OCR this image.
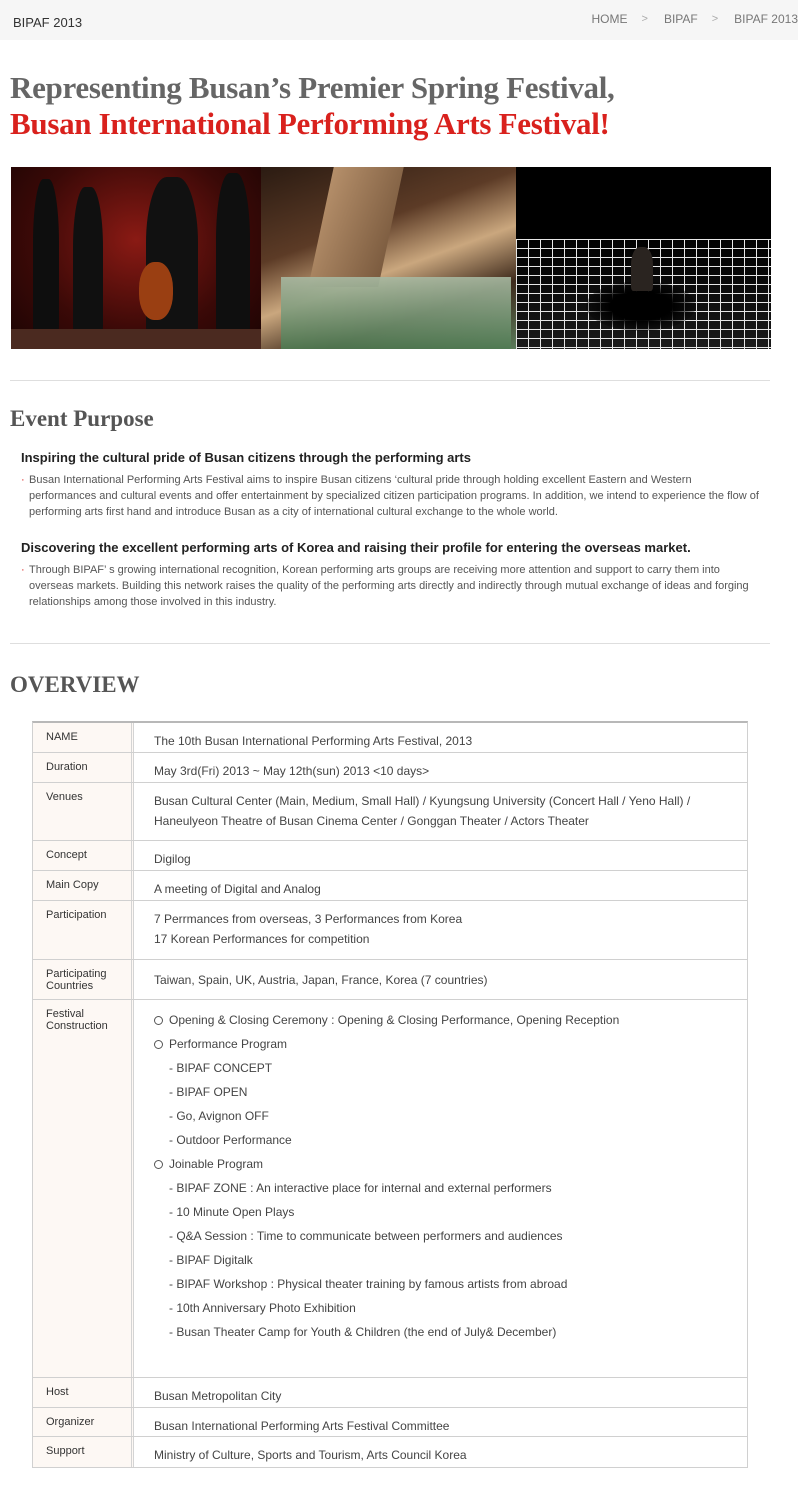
BIPAF 2013	HOME > BIPAF > BIPAF 2013
Representing Busan’s Premier Spring Festival,
Busan International Performing Arts Festival!
Event Purpose
Inspiring the cultural pride of Busan citizens through the performing arts

· Busan International Performing Arts Festival aims to inspire Busan citizens ‘cultural pride through holding excellent Eastern and Western performances and cultural events and offer entertainment by specialized citizen participation programs. In addition, we intend to experience the flow of performing arts first hand and introduce Busan as a city of international cultural exchange to the whole world.

Discovering the excellent performing arts of Korea and raising their profile for entering the overseas market.

· Through BIPAF’ s growing international recognition, Korean performing arts groups are receiving more attention and support to carry them into overseas markets. Building this network raises the quality of the performing arts directly and indirectly through mutual exchange of ideas and forging relationships among those involved in this industry.

OVERVIEW
NAME	The 10th Busan International Performing Arts Festival, 2013
Duration	May 3rd(Fri) 2013 ~ May 12th(sun) 2013 <10 days>
Venues	Busan Cultural Center (Main, Medium, Small Hall) / Kyungsung University (Concert Hall / Yeno Hall) /
Haneulyeon Theatre of Busan Cinema Center / Gonggan Theater / Actors Theater
Concept	Digilog
Main Copy	A meeting of Digital and Analog
Participation	7 Perrmances from overseas, 3 Performances from Korea
17 Korean Performances for competition
Participating Countries	Taiwan, Spain, UK, Austria, Japan, France, Korea (7 countries)
Festival Construction	Opening & Closing Ceremony : Opening & Closing Performance, Opening Reception
Performance Program
- BIPAF CONCEPT
- BIPAF OPEN
- Go, Avignon OFF
- Outdoor Performance
Joinable Program
- BIPAF ZONE : An interactive place for internal and external performers
- 10 Minute Open Plays
- Q&A Session : Time to communicate between performers and audiences
- BIPAF Digitalk
- BIPAF Workshop : Physical theater training by famous artists from abroad
- 10th Anniversary Photo Exhibition
- Busan Theater Camp for Youth & Children (the end of July& December)
Host	Busan Metropolitan City
Organizer	Busan International Performing Arts Festival Committee
Support	Ministry of Culture, Sports and Tourism, Arts Council Korea
